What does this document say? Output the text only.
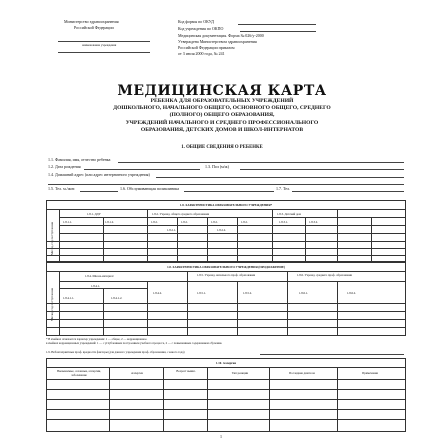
Министерство здравоохранения
Российской Федерации
наименование учреждения
Код формы по ОКУД
Код учреждения по ОКПО
Медицинская документация. Форма № 026/у-2000
Утверждена Министерством здравоохранения
Российской Федерации приказом
от 3 июля 2000 года, № 241
МЕДИЦИНСКАЯ КАРТА
РЕБЕНКА ДЛЯ ОБРАЗОВАТЕЛЬНЫХ УЧРЕЖДЕНИЙ
ДОШКОЛЬНОГО, НАЧАЛЬНОГО ОБЩЕГО, ОСНОВНОГО ОБЩЕГО, СРЕДНЕГО
(ПОЛНОГО) ОБЩЕГО ОБРАЗОВАНИЯ,
УЧРЕЖДЕНИЙ НАЧАЛЬНОГО И СРЕДНЕГО ПРОФЕССИОНАЛЬНОГО
ОБРАЗОВАНИЯ, ДЕТСКИХ ДОМОВ И ШКОЛ-ИНТЕРНАТОВ
1. ОБЩИЕ СВЕДЕНИЯ О РЕБЕНКЕ
1.1. Фамилия, имя, отчество ребенка
1.2. Дата рождения	1.3. Пол (м/ж)
1.4. Домашний адрес (или адрес интернатного учреждения)
1.5. Тел. м./жит.	1.6. Обслуживающая поликлиника	1.7. Тел.
1.8. ХАРАКТЕРИСТИКА ОБРАЗОВАТЕЛЬНОГО УЧРЕЖДЕНИЯ*
Месяц, год поступления
1.8.1. ДДУ	1.8.2. Учрежд. общего среднего образования	1.8.3. Детский дом
1.8.1.1.	1.8.1.2.	1.8.2.	1.8.2.	1.8.2.	1.8.2.	1.8.3.1.	1.8.3.2.
1.8.2.1.	1.8.2.2.
1.8. ХАРАКТЕРИСТИКА ОБРАЗОВАТЕЛЬНОГО УЧРЕЖДЕНИЯ (ПРОДОЛЖЕНИЕ)
Месяц, год поступления
1.8.4. Школа-интернат	1.8.5. Учрежд. начального проф. образования	1.8.6. Учрежд. среднего проф. образования
1.8.4.1.
1.8.4.2.
1.8.4.1.1.	1.8.4.1.2.
1.8.5.1.	1.8.5.2.	1.8.6.1.	1.8.6.2.
* В ячейках отмечается характер учреждения: 1 — общее, 2 — коррекционное.
в ячейках коррекционных учреждений: 1 — с углубленным построением учебного процесса, 2 — с повышенным содержанием обучения.
1.9. Неблагоприятные проф. вредности факторы (для данного учреждения проф. образования, с какого года)
1.10. Аллергия
Вызываемые, сезонные, аллергии, заболевание	Аллерген	Возраст выявл.	Тип реакции	Последние диагноза	Примечания
1
